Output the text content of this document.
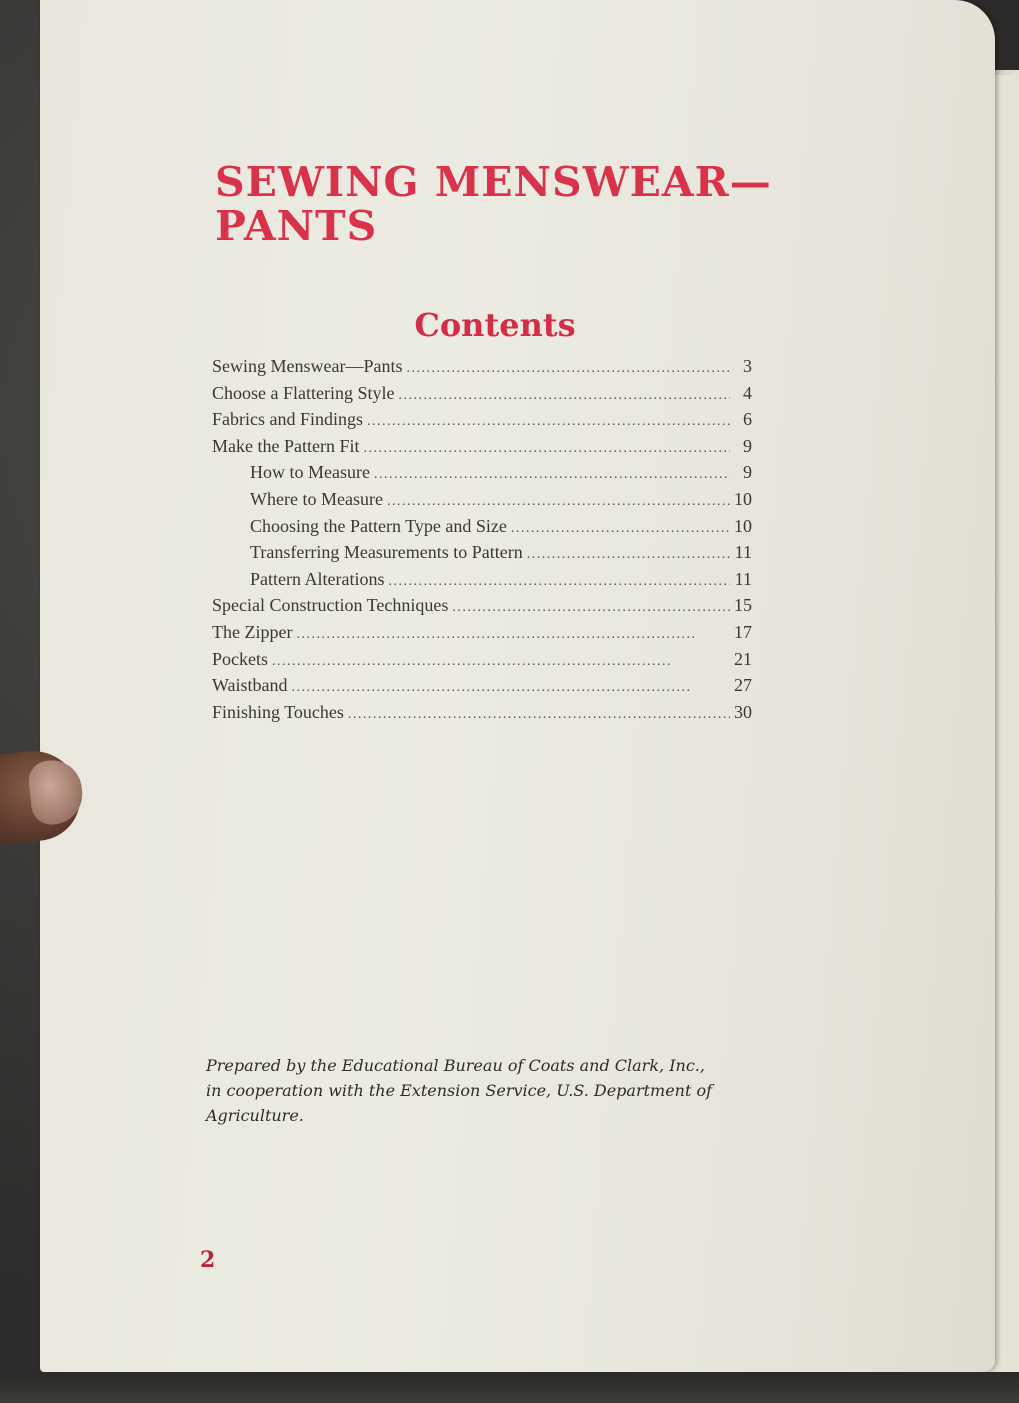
SEWING MENSWEAR—
PANTS
Contents
Sewing Menswear—Pants . . .	3
Choose a Flattering Style . . .	4
Fabrics and Findings . . .	6
Make the Pattern Fit . . .	9
How to Measure . . .	9
Where to Measure . . .	10
Choosing the Pattern Type and Size . . .	10
Transferring Measurements to Pattern . . .	11
Pattern Alterations . . .	11
Special Construction Techniques . . .	15
The Zipper . . .	17
Pockets . . .	21
Waistband . . .	27
Finishing Touches . . .	30

Prepared by the Educational Bureau of Coats and Clark, Inc.,
in cooperation with the Extension Service, U.S. Department of
Agriculture.

2
